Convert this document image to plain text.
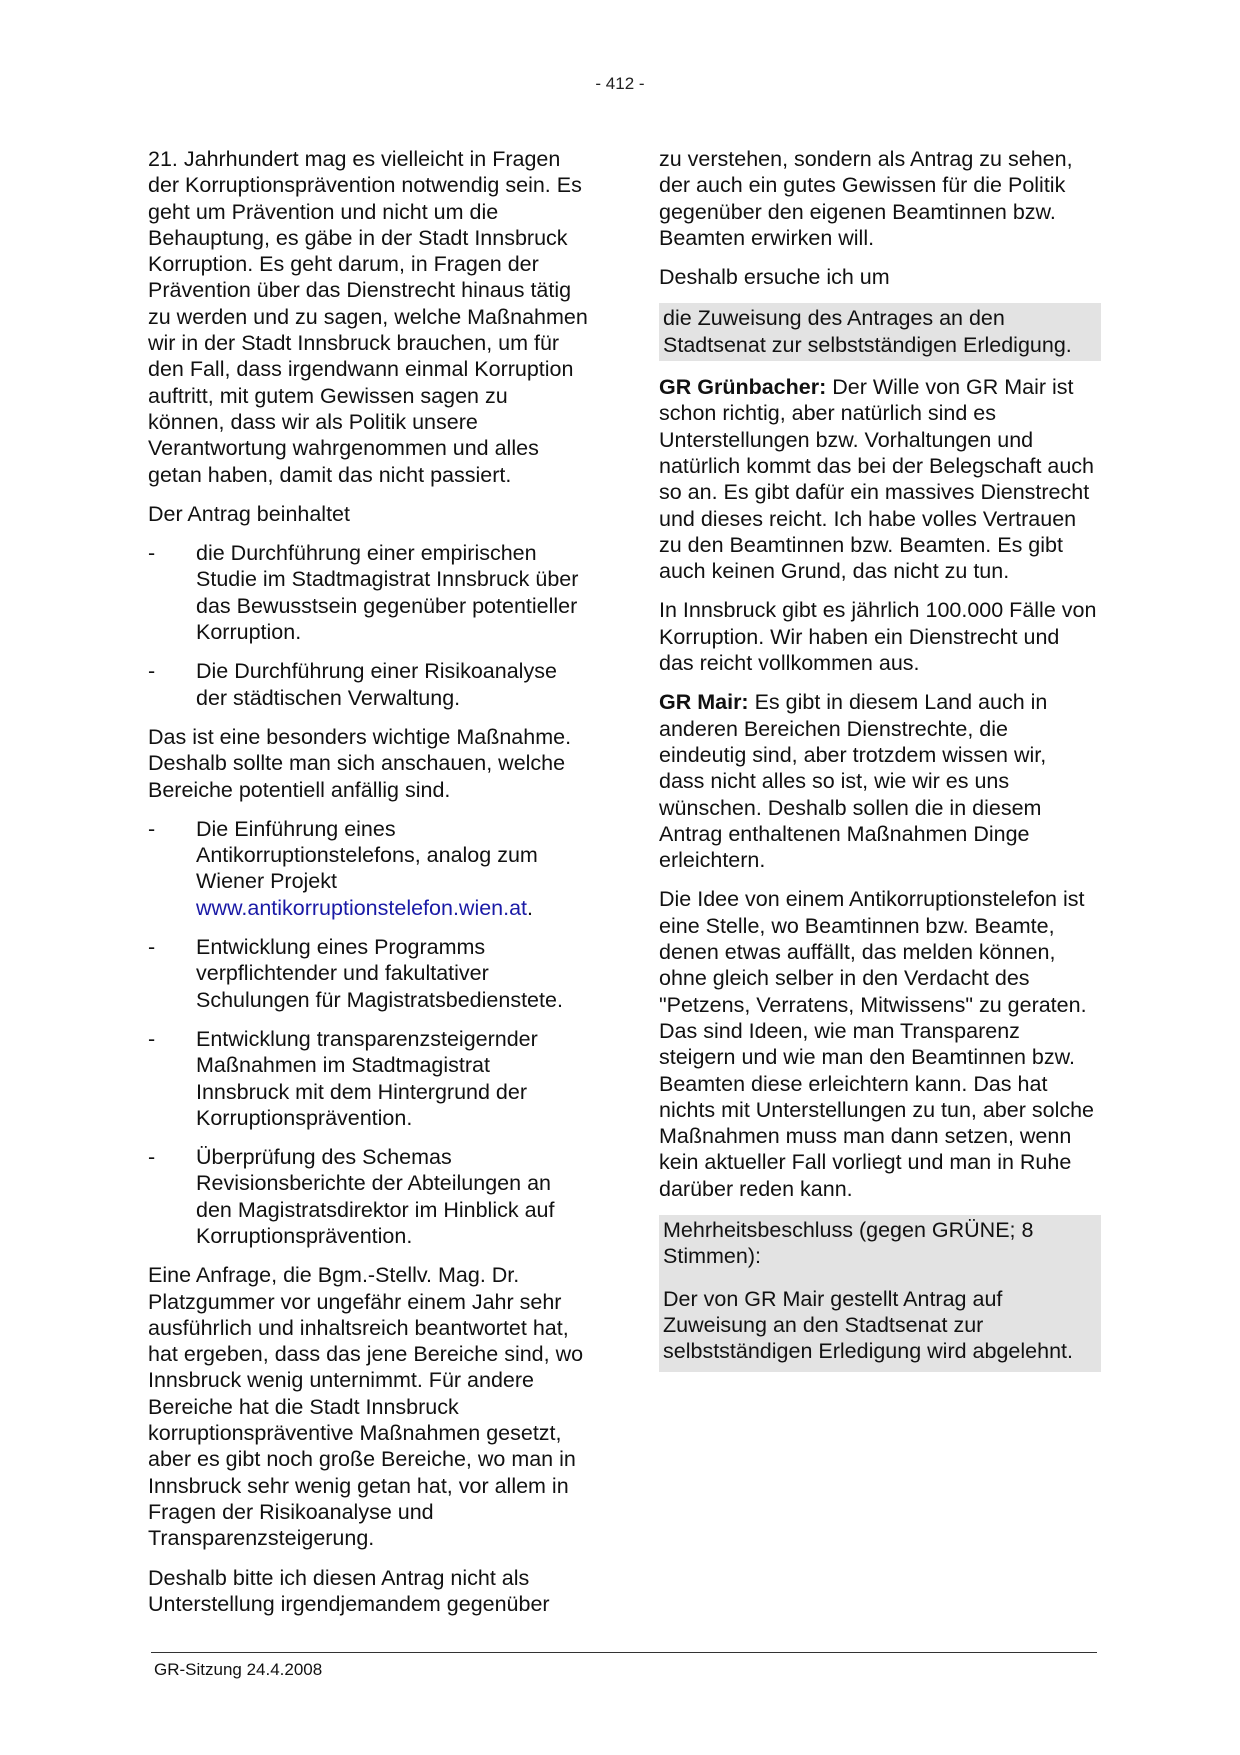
- 412 -

21. Jahrhundert mag es vielleicht in Fragen der Korruptionsprävention notwendig sein. Es geht um Prävention und nicht um die Behauptung, es gäbe in der Stadt Innsbruck Korruption. Es geht darum, in Fragen der Prävention über das Dienstrecht hinaus tätig zu werden und zu sagen, welche Maßnahmen wir in der Stadt Innsbruck brauchen, um für den Fall, dass irgendwann einmal Korruption auftritt, mit gutem Gewissen sagen zu können, dass wir als Politik unsere Verantwortung wahrgenommen und alles getan haben, damit das nicht passiert.

Der Antrag beinhaltet

-	die Durchführung einer empirischen Studie im Stadtmagistrat Innsbruck über das Bewusstsein gegenüber potentieller Korruption.
-	Die Durchführung einer Risikoanalyse der städtischen Verwaltung.

Das ist eine besonders wichtige Maßnahme. Deshalb sollte man sich anschauen, welche Bereiche potentiell anfällig sind.

-	Die Einführung eines Antikorruptionstelefons, analog zum Wiener Projekt www.antikorruptionstelefon.wien.at.
-	Entwicklung eines Programms verpflichtender und fakultativer Schulungen für Magistratsbedienstete.
-	Entwicklung transparenzsteigernder Maßnahmen im Stadtmagistrat Innsbruck mit dem Hintergrund der Korruptionsprävention.
-	Überprüfung des Schemas Revisionsberichte der Abteilungen an den Magistratsdirektor im Hinblick auf Korruptionsprävention.

Eine Anfrage, die Bgm.-Stellv. Mag. Dr. Platzgummer vor ungefähr einem Jahr sehr ausführlich und inhaltsreich beantwortet hat, hat ergeben, dass das jene Bereiche sind, wo Innsbruck wenig unternimmt. Für andere Bereiche hat die Stadt Innsbruck korruptionspräventive Maßnahmen gesetzt, aber es gibt noch große Bereiche, wo man in Innsbruck sehr wenig getan hat, vor allem in Fragen der Risikoanalyse und Transparenzsteigerung.

Deshalb bitte ich diesen Antrag nicht als Unterstellung irgendjemandem gegenüber

zu verstehen, sondern als Antrag zu sehen, der auch ein gutes Gewissen für die Politik gegenüber den eigenen Beamtinnen bzw. Beamten erwirken will.

Deshalb ersuche ich um

die Zuweisung des Antrages an den Stadtsenat zur selbstständigen Erledigung.

GR Grünbacher: Der Wille von GR Mair ist schon richtig, aber natürlich sind es Unterstellungen bzw. Vorhaltungen und natürlich kommt das bei der Belegschaft auch so an. Es gibt dafür ein massives Dienstrecht und dieses reicht. Ich habe volles Vertrauen zu den Beamtinnen bzw. Beamten. Es gibt auch keinen Grund, das nicht zu tun.

In Innsbruck gibt es jährlich 100.000 Fälle von Korruption. Wir haben ein Dienstrecht und das reicht vollkommen aus.

GR Mair: Es gibt in diesem Land auch in anderen Bereichen Dienstrechte, die eindeutig sind, aber trotzdem wissen wir, dass nicht alles so ist, wie wir es uns wünschen. Deshalb sollen die in diesem Antrag enthaltenen Maßnahmen Dinge erleichtern.

Die Idee von einem Antikorruptionstelefon ist eine Stelle, wo Beamtinnen bzw. Beamte, denen etwas auffällt, das melden können, ohne gleich selber in den Verdacht des "Petzens, Verratens, Mitwissens" zu geraten. Das sind Ideen, wie man Transparenz steigern und wie man den Beamtinnen bzw. Beamten diese erleichtern kann. Das hat nichts mit Unterstellungen zu tun, aber solche Maßnahmen muss man dann setzen, wenn kein aktueller Fall vorliegt und man in Ruhe darüber reden kann.

Mehrheitsbeschluss (gegen GRÜNE; 8 Stimmen):

Der von GR Mair gestellt Antrag auf Zuweisung an den Stadtsenat zur selbstständigen Erledigung wird abgelehnt.

GR-Sitzung 24.4.2008
